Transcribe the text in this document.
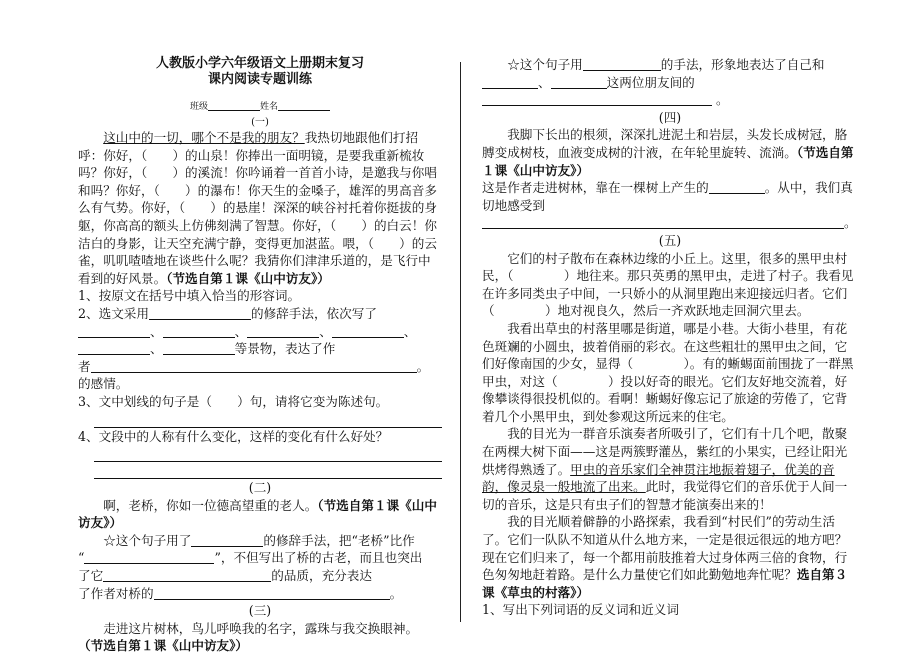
人教版小学六年级语文上册期末复习
课内阅读专题训练
班级	姓名
(一)
这山中的一切，哪个不是我的朋友？我热切地跟他们打招呼：你好，（　　）的山泉！你捧出一面明镜，是要我重新梳妆吗？你好，（　　）的溪流！你吟诵着一首首小诗，是邀我与你唱和吗？你好，（　　）的瀑布！你天生的金嗓子，雄浑的男高音多么有气势。你好，（　　）的悬崖！深深的峡谷衬托着你挺拔的身躯，你高高的额头上仿佛刻满了智慧。你好，（　　）的白云！你洁白的身影，让天空充满宁静，变得更加湛蓝。喂，（　　）的云雀，叽叽喳喳地在谈些什么呢？我猜你们津津乐道的，是飞行中看到的好风景。（节选自第１课《山中访友》）
1、按原文在括号中填入恰当的形容词。
2、选文采用	的修辞手法，依次写了
、	、	、	、
、	等景物，表达了作
者	。
的感情。
3、文中划线的句子是（　　）句，请将它变为陈述句。
4、文段中的人称有什么变化，这样的变化有什么好处？
(二)
啊，老桥，你如一位德高望重的老人。（节选自第１课《山中访友》）
☆这个句子用了	的修辞手法，把“老桥”比作
“	”，不但写出了桥的古老，而且也突出
了它	的品质，充分表达
了作者对桥的	。
(三)
走进这片树林，鸟儿呼唤我的名字，露珠与我交换眼神。
（节选自第１课《山中访友》）
☆这个句子用	的手法，形象地表达了自己和
、	这两位朋友间的
。
(四)
我脚下长出的根须，深深扎进泥土和岩层，头发长成树冠，胳膊变成树枝，血液变成树的汁液，在年轮里旋转、流淌。（节选自第１课《山中访友》）
这是作者走进树林，靠在一棵树上产生的	。从中，我们真切地感受到
。
(五)
它们的村子散布在森林边缘的小丘上。这里，很多的黑甲虫村民，（　　　　）地往来。那只英勇的黑甲虫，走进了村子。我看见在许多同类虫子中间，一只娇小的从洞里跑出来迎接远归者。它们（　　　　）地对视良久，然后一齐欢跃地走回洞穴里去。
我看出草虫的村落里哪是街道，哪是小巷。大街小巷里，有花色斑斓的小圆虫，披着俏丽的彩衣。在这些粗壮的黑甲虫之间，它们好像南国的少女，显得（　　　　）。有的蜥蜴面前围拢了一群黑甲虫，对这（　　　　）投以好奇的眼光。它们友好地交流着，好像攀谈得很投机似的。看啊！蜥蜴好像忘记了旅途的劳倦了，它背着几个小黑甲虫，到处参观这所远来的住宅。
我的目光为一群音乐演奏者所吸引了，它们有十几个吧，散聚在两棵大树下面——这是两簇野灌丛，紫红的小果实，已经让阳光烘烤得熟透了。甲虫的音乐家们全神贯注地振着翅子，优美的音韵，像灵泉一般地流了出来。此时，我觉得它们的音乐优于人间一切的音乐，这是只有虫子们的智慧才能演奏出来的！
我的目光顺着僻静的小路探索，我看到“村民们”的劳动生活了。它们一队队不知道从什么地方来，一定是很远很远的地方吧？现在它们归来了，每一个都用前肢推着大过身体两三倍的食物，行色匆匆地赶着路。是什么力量使它们如此勤勉地奔忙呢？选自第３课《草虫的村落》）
1、写出下列词语的反义词和近义词
